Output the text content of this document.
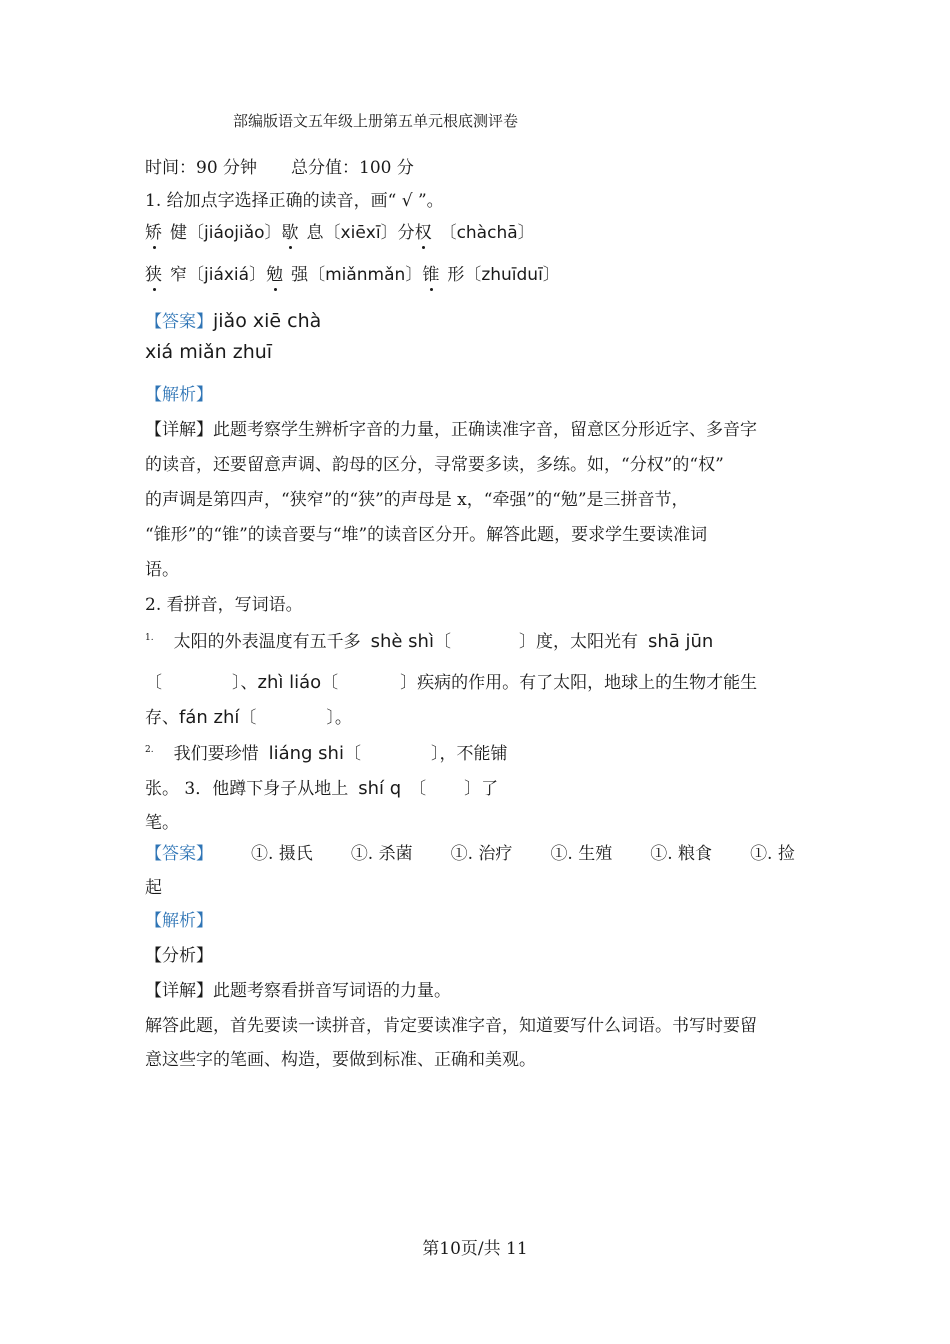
部编版语文五年级上册第五单元根底测评卷
时间：90 分钟 总分值：100 分
1. 给加点字选择正确的读音，画“ √ ”。
矫 健〔jiáojiǎo〕歇 息〔xiēxī〕分权 〔chàchā〕
狭 窄〔jiáxiá〕勉 强〔miǎnmǎn〕锥 形〔zhuīduī〕
【答案】jiǎo xiē chà
xiá miǎn zhuī
【解析】
【详解】此题考察学生辨析字音的力量，正确读准字音，留意区分形近字、多音字
的读音，还要留意声调、韵母的区分，寻常要多读，多练。如，“分权”的“权”
的声调是第四声，“狭窄”的“狭”的声母是 x，“牵强”的“勉”是三拼音节，
“锥形”的“锥”的读音要与“堆”的读音区分开。解答此题，要求学生要读准词
语。
2. 看拼音，写词语。
$^{1.}$ 太阳的外表温度有五千多 shè shì〔	〕度，太阳光有 shā jūn
〔	〕、zhì liáo〔	〕疾病的作用。有了太阳，地球上的生物才能生
存、fán zhí〔	〕。
$^{2.}$ 我们要珍惜 liáng shi〔	〕，不能铺
张。 3．他蹲下身子从地上 shí q 〔 〕了
笔。
【答案】 ①. 摄氏 ①. 杀菌 ①. 治疗 ①. 生殖 ①. 粮食 ①. 捡
起
【解析】
【分析】
【详解】此题考察看拼音写词语的力量。
解答此题，首先要读一读拼音，肯定要读准字音，知道要写什么词语。书写时要留
意这些字的笔画、构造，要做到标准、正确和美观。
第10页/共 11
